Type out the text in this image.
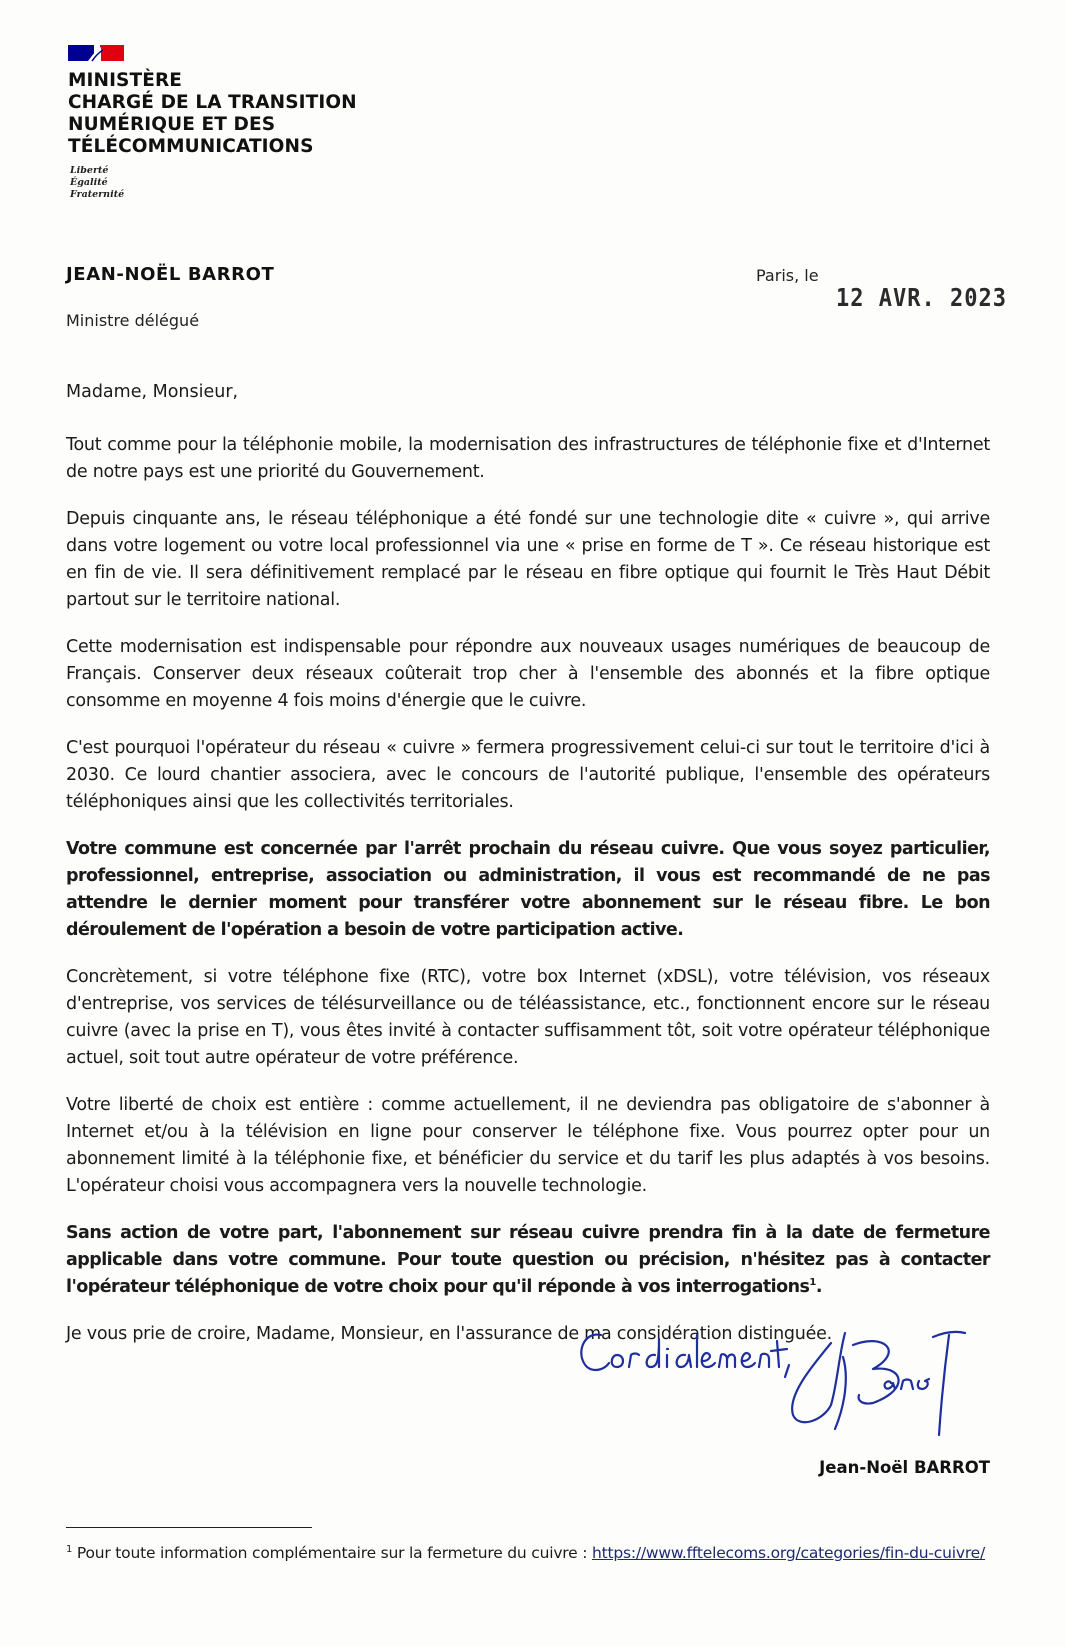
MINISTÈRE
CHARGÉ DE LA TRANSITION
NUMÉRIQUE ET DES
TÉLÉCOMMUNICATIONS
Liberté
Égalité
Fraternité
JEAN-NOËL BARROT
Ministre délégué
Paris, le
12 AVR. 2023
Madame, Monsieur,

Tout comme pour la téléphonie mobile, la modernisation des infrastructures de téléphonie fixe et d'Internet de notre pays est une priorité du Gouvernement.

Depuis cinquante ans, le réseau téléphonique a été fondé sur une technologie dite « cuivre », qui arrive dans votre logement ou votre local professionnel via une « prise en forme de T ». Ce réseau historique est en fin de vie. Il sera définitivement remplacé par le réseau en fibre optique qui fournit le Très Haut Débit partout sur le territoire national.

Cette modernisation est indispensable pour répondre aux nouveaux usages numériques de beaucoup de Français. Conserver deux réseaux coûterait trop cher à l'ensemble des abonnés et la fibre optique consomme en moyenne 4 fois moins d'énergie que le cuivre.

C'est pourquoi l'opérateur du réseau « cuivre » fermera progressivement celui-ci sur tout le territoire d'ici à 2030. Ce lourd chantier associera, avec le concours de l'autorité publique, l'ensemble des opérateurs téléphoniques ainsi que les collectivités territoriales.

Votre commune est concernée par l'arrêt prochain du réseau cuivre. Que vous soyez particulier, professionnel, entreprise, association ou administration, il vous est recommandé de ne pas attendre le dernier moment pour transférer votre abonnement sur le réseau fibre. Le bon déroulement de l'opération a besoin de votre participation active.

Concrètement, si votre téléphone fixe (RTC), votre box Internet (xDSL), votre télévision, vos réseaux d'entreprise, vos services de télésurveillance ou de téléassistance, etc., fonctionnent encore sur le réseau cuivre (avec la prise en T), vous êtes invité à contacter suffisamment tôt, soit votre opérateur téléphonique actuel, soit tout autre opérateur de votre préférence.

Votre liberté de choix est entière : comme actuellement, il ne deviendra pas obligatoire de s'abonner à Internet et/ou à la télévision en ligne pour conserver le téléphone fixe. Vous pourrez opter pour un abonnement limité à la téléphonie fixe, et bénéficier du service et du tarif les plus adaptés à vos besoins. L'opérateur choisi vous accompagnera vers la nouvelle technologie.

Sans action de votre part, l'abonnement sur réseau cuivre prendra fin à la date de fermeture applicable dans votre commune. Pour toute question ou précision, n'hésitez pas à contacter l'opérateur téléphonique de votre choix pour qu'il réponde à vos interrogations$^1$.

Je vous prie de croire, Madame, Monsieur, en l'assurance de ma considération distinguée.

Jean-Noël BARROT
$^1$ Pour toute information complémentaire sur la fermeture du cuivre : https://www.fftelecoms.org/categories/fin-du-cuivre/
